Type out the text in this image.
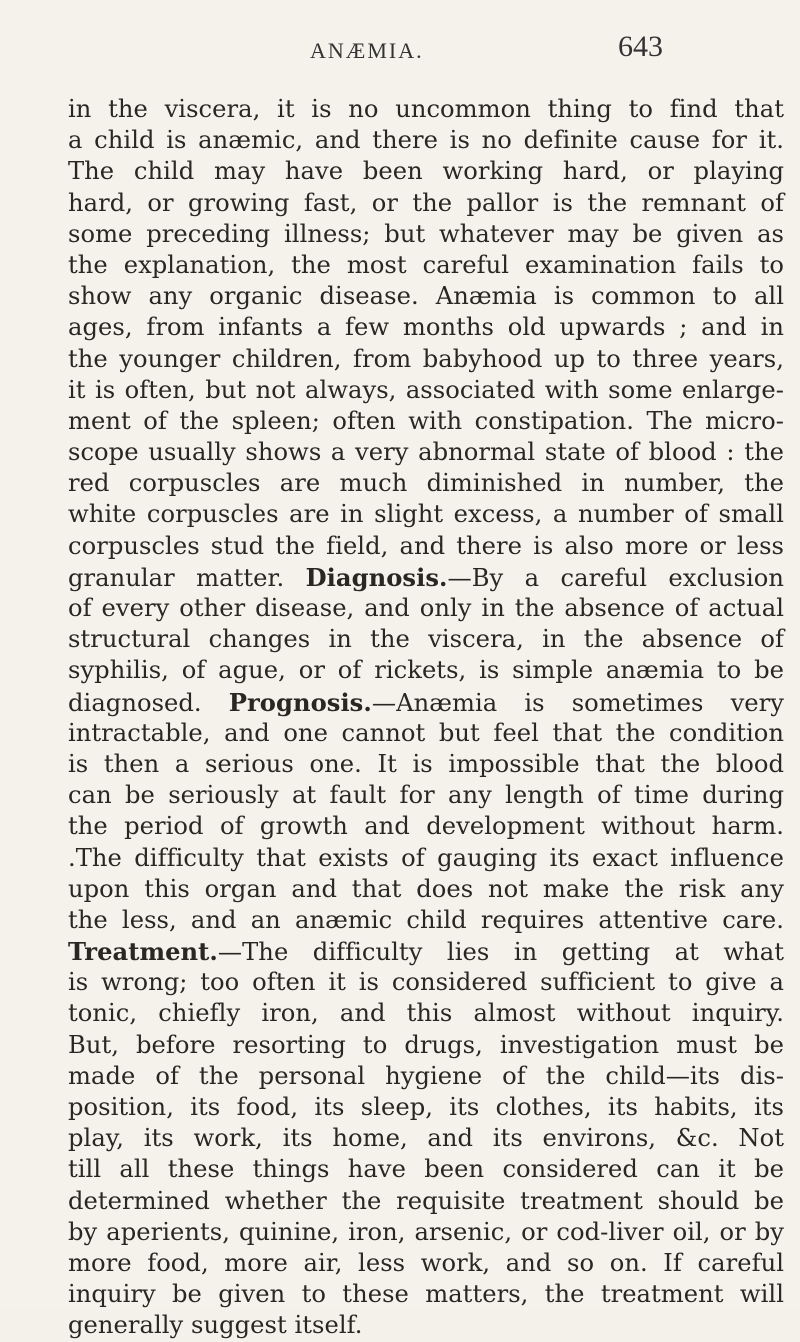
ANÆMIA.	643
in the viscera, it is no uncommon thing to find that
a child is anæmic, and there is no definite cause for it.
The child may have been working hard, or playing
hard, or growing fast, or the pallor is the remnant of
some preceding illness; but whatever may be given as
the explanation, the most careful examination fails to
show any organic disease. Anæmia is common to all
ages, from infants a few months old upwards ; and in
the younger children, from babyhood up to three years,
it is often, but not always, associated with some enlarge-
ment of the spleen; often with constipation. The micro-
scope usually shows a very abnormal state of blood : the
red corpuscles are much diminished in number, the
white corpuscles are in slight excess, a number of small
corpuscles stud the field, and there is also more or less
granular matter. Diagnosis.—By a careful exclusion
of every other disease, and only in the absence of actual
structural changes in the viscera, in the absence of
syphilis, of ague, or of rickets, is simple anæmia to be
diagnosed. Prognosis.—Anæmia is sometimes very
intractable, and one cannot but feel that the condition
is then a serious one. It is impossible that the blood
can be seriously at fault for any length of time during
the period of growth and development without harm.
.The difficulty that exists of gauging its exact influence
upon this organ and that does not make the risk any
the less, and an anæmic child requires attentive care.
Treatment.—The difficulty lies in getting at what
is wrong; too often it is considered sufficient to give a
tonic, chiefly iron, and this almost without inquiry.
But, before resorting to drugs, investigation must be
made of the personal hygiene of the child—its dis-
position, its food, its sleep, its clothes, its habits, its
play, its work, its home, and its environs, &c. Not
till all these things have been considered can it be
determined whether the requisite treatment should be
by aperients, quinine, iron, arsenic, or cod-liver oil, or by
more food, more air, less work, and so on. If careful
inquiry be given to these matters, the treatment will
generally suggest itself.
